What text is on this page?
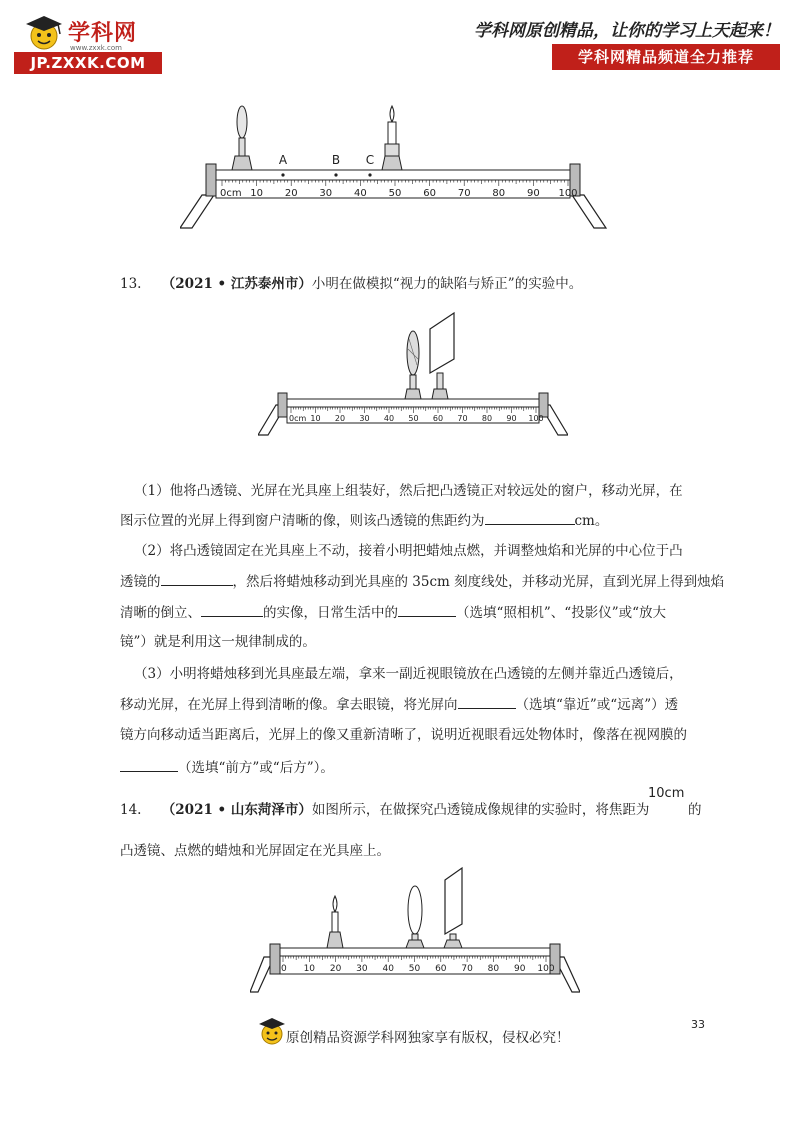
学科网
www.zxxk.com
JP.ZXXK.COM
学科网原创精品，让你的学习上天起来！
学科网精品频道全力推荐
0cm 10 20 30 40 50 60 70 80 90 100
A	B C
13. （2021 • 江苏泰州市）小明在做模拟“视力的缺陷与矫正”的实验中。
0cm 10 20 30 40 50 60 70 80 90 100
（1）他将凸透镜、光屏在光具座上组装好，然后把凸透镜正对较远处的窗户，移动光屏，在
图示位置的光屏上得到窗户清晰的像，则该凸透镜的焦距约为	cm。
（2）将凸透镜固定在光具座上不动，接着小明把蜡烛点燃，并调整烛焰和光屏的中心位于凸
透镜的	，然后将蜡烛移动到光具座的 35cm 刻度线处，并移动光屏，直到光屏上得到烛焰
清晰的倒立、	的实像，日常生活中的	（选填“照相机”、“投影仪”或“放大
镜”）就是利用这一规律制成的。
（3）小明将蜡烛移到光具座最左端，拿来一副近视眼镜放在凸透镜的左侧并靠近凸透镜后，
移动光屏，在光屏上得到清晰的像。拿去眼镜，将光屏向	（选填“靠近”或“远离”）透
镜方向移动适当距离后，光屏上的像又重新清晰了，说明近视眼看远处物体时，像落在视网膜的
（选填“前方”或“后方”）。
14. （2021 • 山东菏泽市）如图所示，在做探究凸透镜成像规律的实验时，将焦距为
10cm
的
凸透镜、点燃的蜡烛和光屏固定在光具座上。
0 10 20 30 40 50 60 70 80 90 100
33
原创精品资源学科网独家享有版权，侵权必究！
